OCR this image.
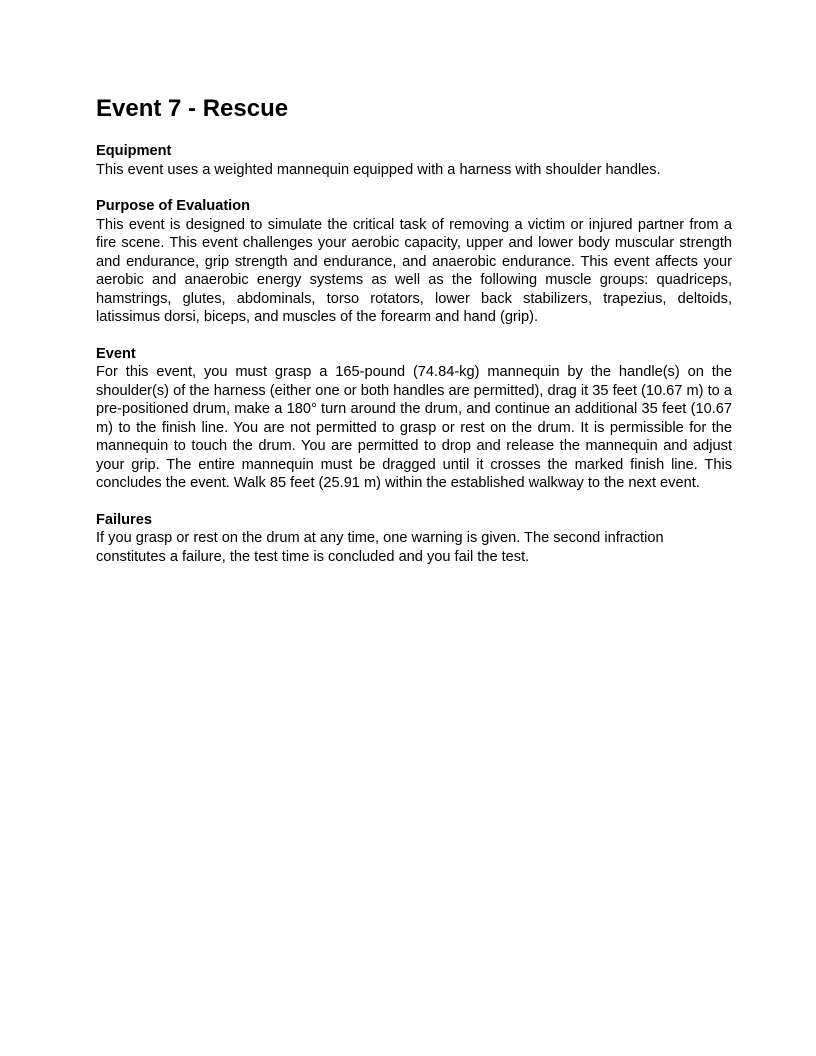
Event 7 - Rescue

Equipment

This event uses a weighted mannequin equipped with a harness with shoulder handles.

Purpose of Evaluation

This event is designed to simulate the critical task of removing a victim or injured partner from a fire scene. This event challenges your aerobic capacity, upper and lower body muscular strength and endurance, grip strength and endurance, and anaerobic endurance. This event affects your aerobic and anaerobic energy systems as well as the following muscle groups: quadriceps, hamstrings, glutes, abdominals, torso rotators, lower back stabilizers, trapezius, deltoids, latissimus dorsi, biceps, and muscles of the forearm and hand (grip).

Event

For this event, you must grasp a 165-pound (74.84-kg) mannequin by the handle(s) on the shoulder(s) of the harness (either one or both handles are permitted), drag it 35 feet (10.67 m) to a pre-positioned drum, make a 180° turn around the drum, and continue an additional 35 feet (10.67 m) to the finish line. You are not permitted to grasp or rest on the drum. It is permissible for the mannequin to touch the drum. You are permitted to drop and release the mannequin and adjust your grip. The entire mannequin must be dragged until it crosses the marked finish line. This concludes the event. Walk 85 feet (25.91 m) within the established walkway to the next event.

Failures

If you grasp or rest on the drum at any time, one warning is given. The second infraction constitutes a failure, the test time is concluded and you fail the test.
